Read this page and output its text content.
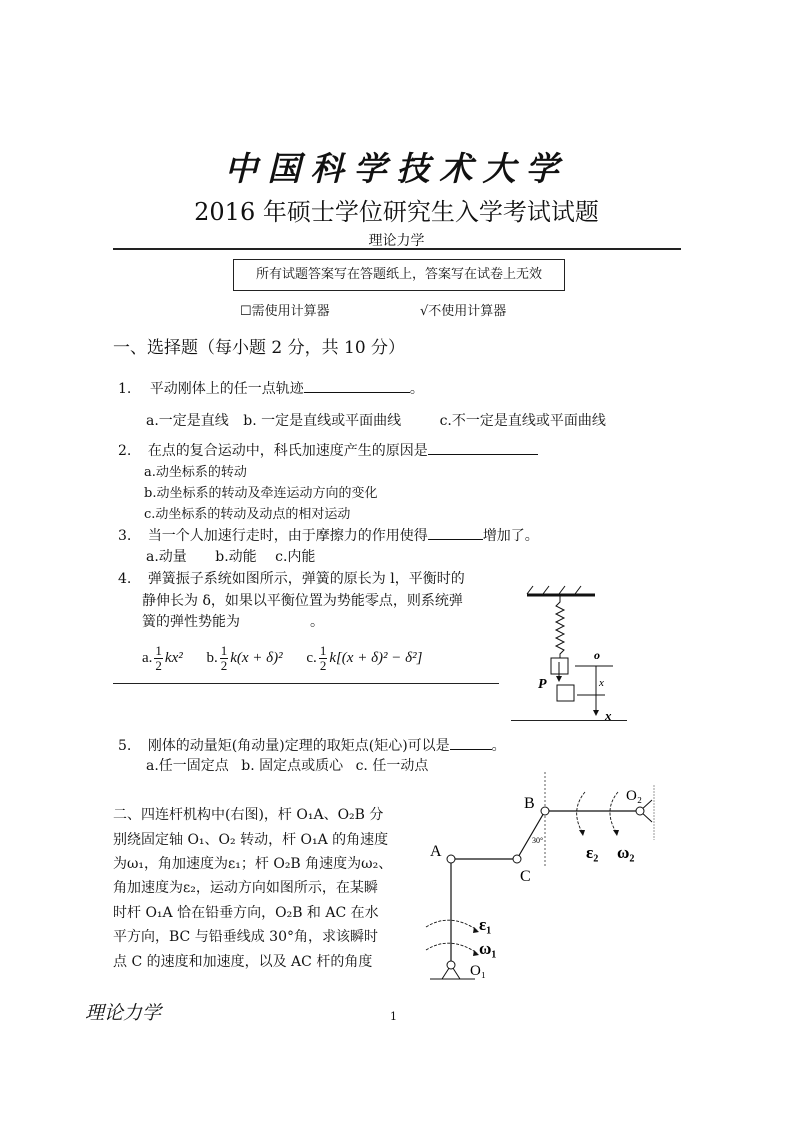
中国科学技术大学
2016 年硕士学位研究生入学考试试题
理论力学
所有试题答案写在答题纸上，答案写在试卷上无效
☐需使用计算器	√不使用计算器
一、选择题（每小题 2 分，共 10 分）
1. 平动刚体上的任一点轨迹	。
a.一定是直线 b. 一定是直线或平面曲线	c.不一定是直线或平面曲线
2. 在点的复合运动中，科氏加速度产生的原因是
a.动坐标系的转动
b.动坐标系的转动及牵连运动方向的变化
c.动坐标系的转动及动点的相对运动
3. 当一个人加速行走时，由于摩擦力的作用使得	增加了。
a.动量 b.动能 c.内能
4. 弹簧振子系统如图所示，弹簧的原长为 l，平衡时的
静伸长为 δ，如果以平衡位置为势能零点，则系统弹
簧的弹性势能为	。
a. $\frac{1}{2} kx^2$ b. $\frac{1}{2} k(x + \delta)^2$ c. $\frac{1}{2} k[(x + \delta)^2 - \delta^2]$	o
P	x
x
5. 刚体的动量矩(角动量)定理的取矩点(矩心)可以是	。
a.任一固定点 b. 固定点或质心 c. 任一动点
二、四连杆机构中(右图)，杆 O₁A、O₂B 分
别绕固定轴 O₁、O₂ 转动，杆 O₁A 的角速度
为ω₁，角加速度为ε₁；杆 O₂B 角速度为ω₂、
角加速度为ε₂，运动方向如图所示，在某瞬
时杆 O₁A 恰在铅垂方向，O₂B 和 AC 在水
平方向，BC 与铅垂线成 30°角，求该瞬时
点 C 的速度和加速度，以及 AC 杆的角度
B
A
C
O₂
O₁
30°
ε₂ ω₂
ε₁
ω₁
理论力学	1
